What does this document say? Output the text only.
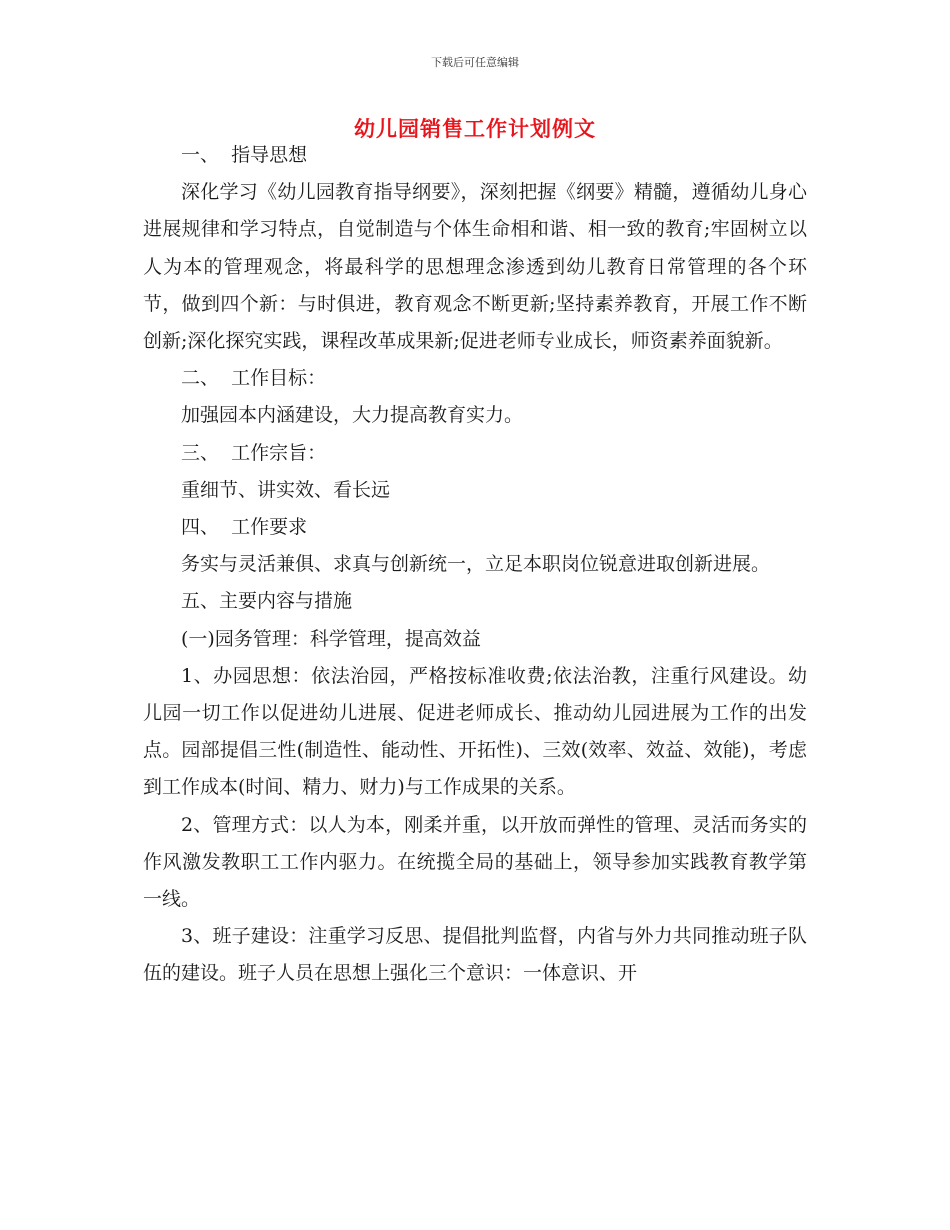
下载后可任意编辑
幼儿园销售工作计划例文

一、  指导思想

深化学习《幼儿园教育指导纲要》，深刻把握《纲要》精髓，遵循幼儿身心进展规律和学习特点，自觉制造与个体生命相和谐、相一致的教育;牢固树立以人为本的管理观念，将最科学的思想理念渗透到幼儿教育日常管理的各个环节，做到四个新：与时俱进，教育观念不断更新;坚持素养教育，开展工作不断创新;深化探究实践，课程改革成果新;促进老师专业成长，师资素养面貌新。

二、  工作目标：

加强园本内涵建设，大力提高教育实力。

三、  工作宗旨：

重细节、讲实效、看长远

四、  工作要求

务实与灵活兼俱、求真与创新统一，立足本职岗位锐意进取创新进展。

五、主要内容与措施

(一)园务管理：科学管理，提高效益

1、办园思想：依法治园，严格按标准收费;依法治教，注重行风建设。幼儿园一切工作以促进幼儿进展、促进老师成长、推动幼儿园进展为工作的出发点。园部提倡三性(制造性、能动性、开拓性)、三效(效率、效益、效能)，考虑到工作成本(时间、精力、财力)与工作成果的关系。

2、管理方式：以人为本，刚柔并重，以开放而弹性的管理、灵活而务实的作风激发教职工工作内驱力。在统揽全局的基础上，领导参加实践教育教学第一线。

3、班子建设：注重学习反思、提倡批判监督，内省与外力共同推动班子队伍的建设。班子人员在思想上强化三个意识：一体意识、开
